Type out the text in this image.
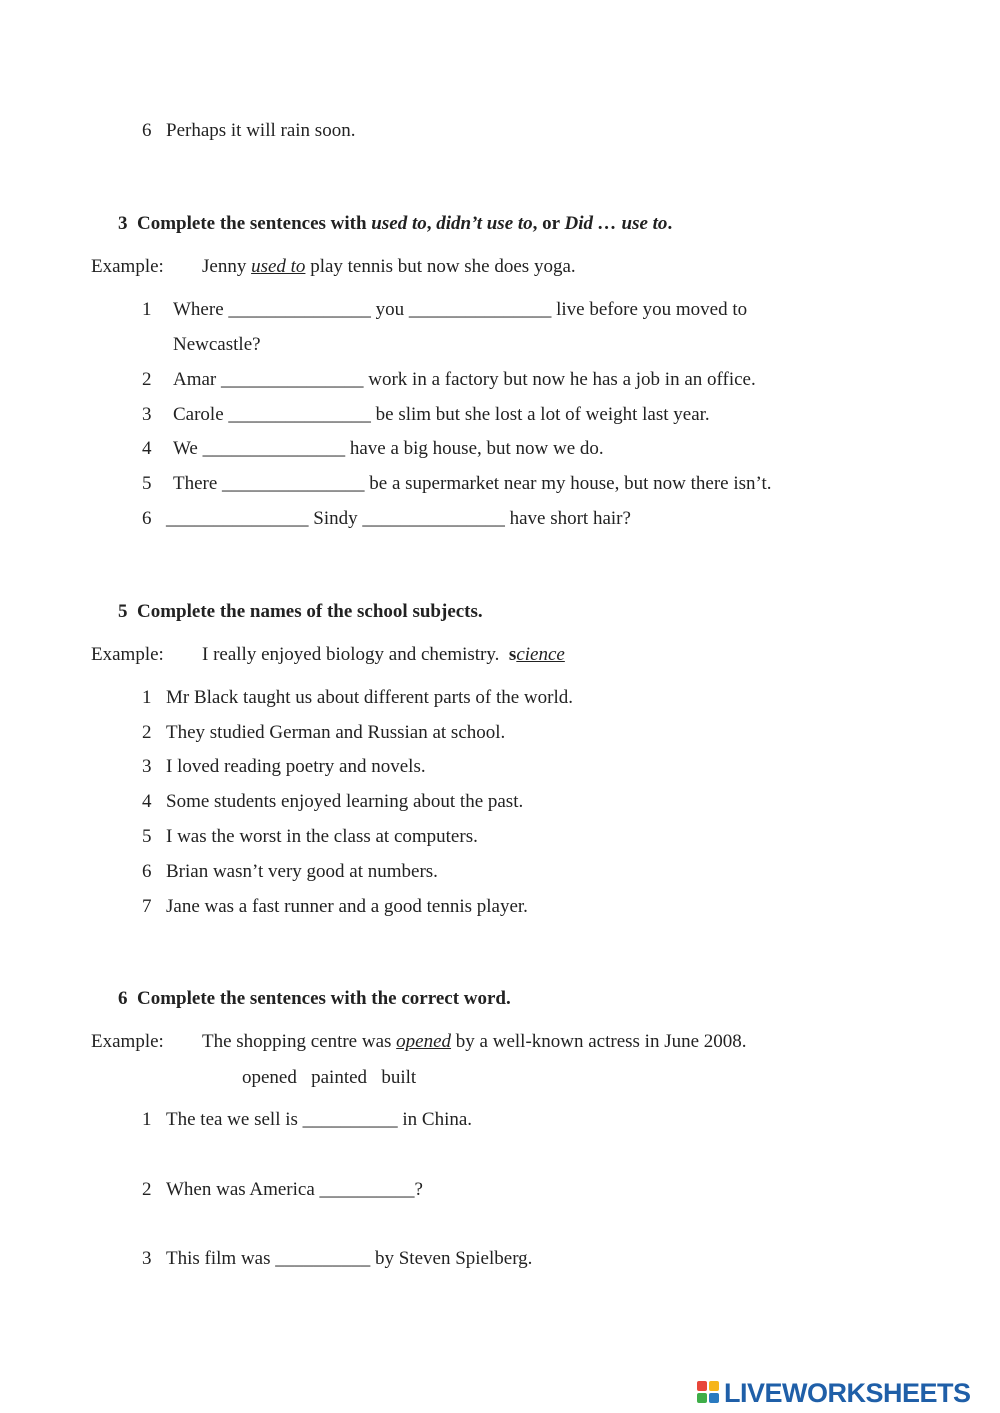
6 Perhaps it will rain soon.
3 Complete the sentences with used to, didn’t use to, or Did … use to.
Example: Jenny used to play tennis but now she does yoga.
1 Where _______________ you _______________ live before you moved to
Newcastle?
2 Amar _______________ work in a factory but now he has a job in an office.
3 Carole _______________ be slim but she lost a lot of weight last year.
4 We _______________ have a big house, but now we do.
5 There _______________ be a supermarket near my house, but now there isn’t.
6 _______________ Sindy _______________ have short hair?
5 Complete the names of the school subjects.
Example: I really enjoyed biology and chemistry. science
1 Mr Black taught us about different parts of the world.
2 They studied German and Russian at school.
3 I loved reading poetry and novels.
4 Some students enjoyed learning about the past.
5 I was the worst in the class at computers.
6 Brian wasn’t very good at numbers.
7 Jane was a fast runner and a good tennis player.
6 Complete the sentences with the correct word.
Example: The shopping centre was opened by a well-known actress in June 2008.
opened painted built
1 The tea we sell is __________ in China.
2 When was America __________?
3 This film was __________ by Steven Spielberg.
LIVEWORKSHEETS
